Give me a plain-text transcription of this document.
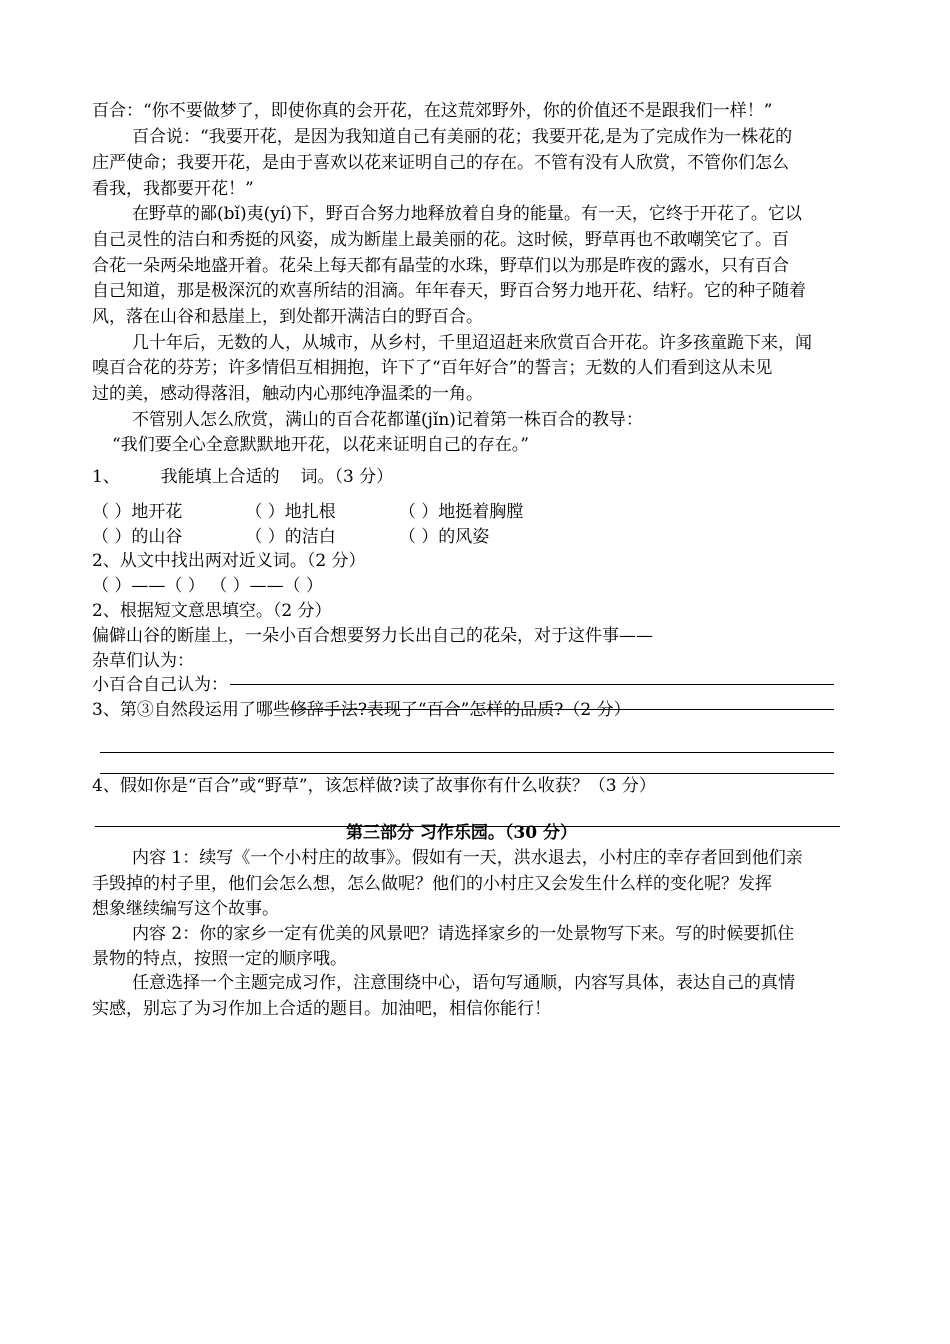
百合：“你不要做梦了，即使你真的会开花，在这荒郊野外，你的价值还不是跟我们一样！”
百合说：“我要开花，是因为我知道自己有美丽的花；我要开花,是为了完成作为一株花的
庄严使命；我要开花，是由于喜欢以花来证明自己的存在。不管有没有人欣赏，不管你们怎么
看我，我都要开花！”
在野草的鄙(bǐ)夷(yí)下，野百合努力地释放着自身的能量。有一天，它终于开花了。它以
自己灵性的洁白和秀挺的风姿，成为断崖上最美丽的花。这时候，野草再也不敢嘲笑它了。百
合花一朵两朵地盛开着。花朵上每天都有晶莹的水珠，野草们以为那是昨夜的露水，只有百合
自己知道，那是极深沉的欢喜所结的泪滴。年年春天，野百合努力地开花、结籽。它的种子随着
风，落在山谷和悬崖上，到处都开满洁白的野百合。
几十年后，无数的人，从城市，从乡村，千里迢迢赶来欣赏百合开花。许多孩童跪下来，闻
嗅百合花的芬芳；许多情侣互相拥抱，许下了“百年好合”的誓言；无数的人们看到这从未见
过的美，感动得落泪，触动内心那纯净温柔的一角。
不管别人怎么欣赏，满山的百合花都谨(jǐn)记着第一株百合的教导：
“我们要全心全意默默地开花，以花来证明自己的存在。”
1、 我能填上合适的 词。（3 分）
（ ）地开花	（ ）地扎根	（ ）地挺着胸膛
（ ）的山谷	（ ）的洁白	（ ）的风姿
2、从文中找出两对近义词。（2 分）
（ ）——（ ） （ ）——（ ）
2、根据短文意思填空。（2 分）
偏僻山谷的断崖上，一朵小百合想要努力长出自己的花朵，对于这件事——
杂草们认为：
小百合自己认为：
3、第③自然段运用了哪些修辞手法?表现了“百合”怎样的品质?（2 分）
4、假如你是“百合”或“野草”，该怎样做?读了故事你有什么收获？（3 分）
第三部分 习作乐园。（30 分）
内容 1：续写《一个小村庄的故事》。假如有一天，洪水退去，小村庄的幸存者回到他们亲
手毁掉的村子里，他们会怎么想，怎么做呢？他们的小村庄又会发生什么样的变化呢？发挥
想象继续编写这个故事。
内容 2：你的家乡一定有优美的风景吧？请选择家乡的一处景物写下来。写的时候要抓住
景物的特点，按照一定的顺序哦。
任意选择一个主题完成习作，注意围绕中心，语句写通顺，内容写具体，表达自己的真情
实感，别忘了为习作加上合适的题目。加油吧，相信你能行！
